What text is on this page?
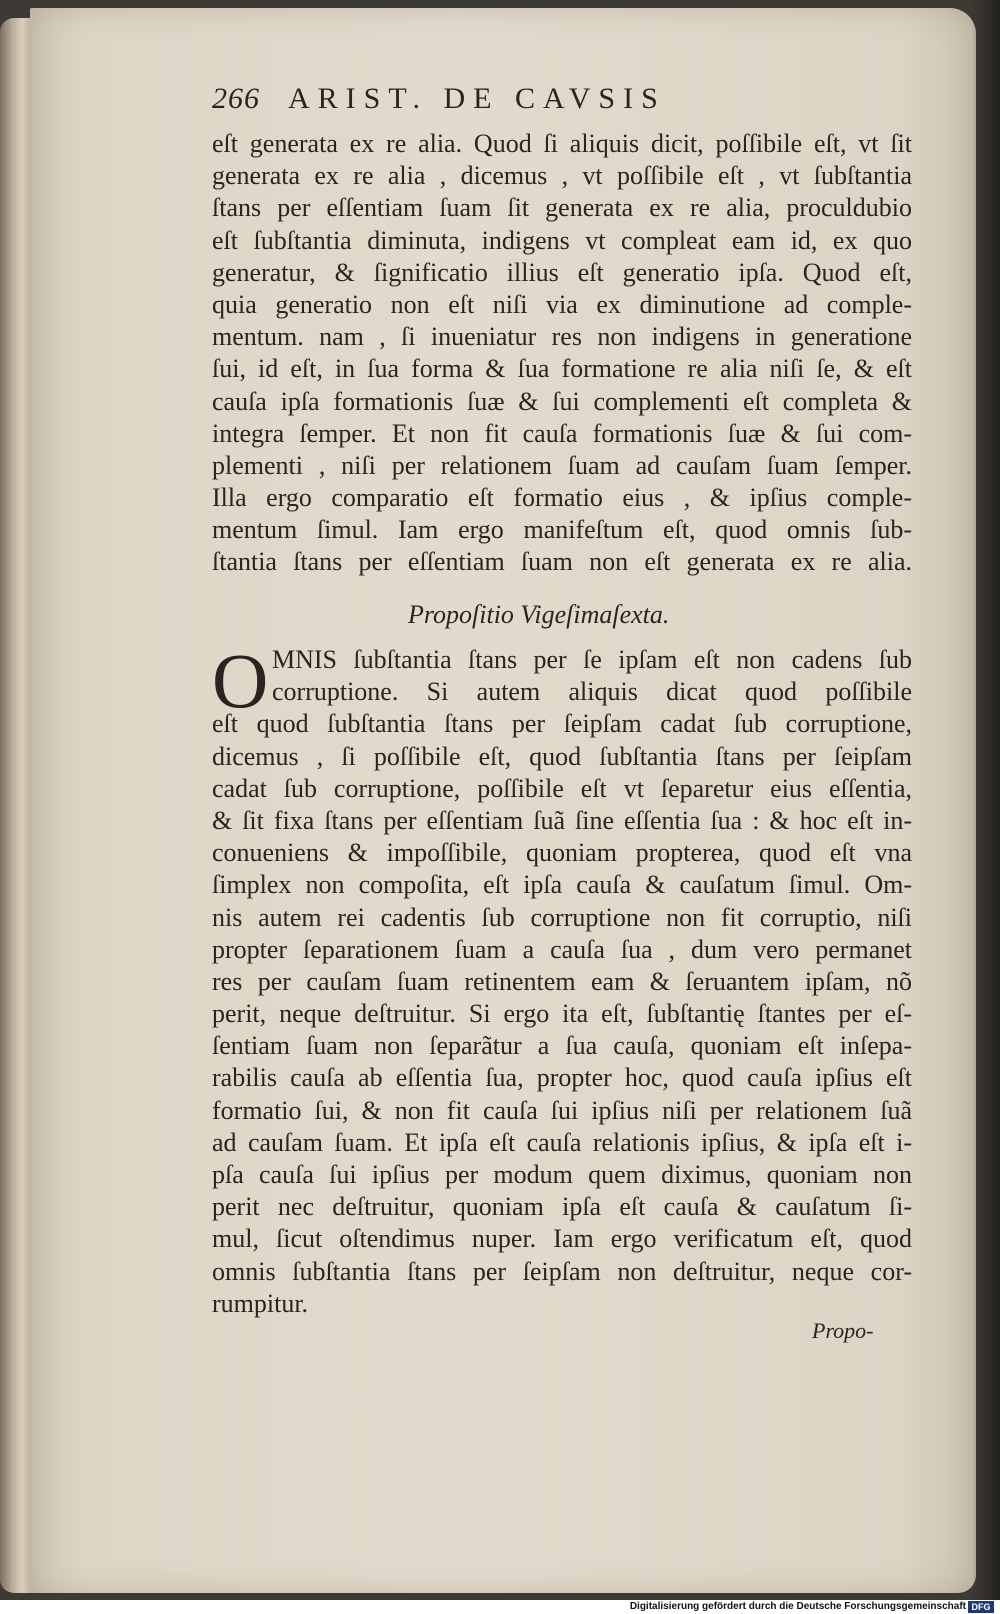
266 ARIST. DE CAVSIS
eſt generata ex re alia. Quod ſi aliquis dicit, poſſibile eſt, vt ſit
generata ex re alia , dicemus , vt poſſibile eſt , vt ſubſtantia
ſtans per eſſentiam ſuam ſit generata ex re alia, proculdubio
eſt ſubſtantia diminuta, indigens vt compleat eam id, ex quo
generatur, & ſignificatio illius eſt generatio ipſa. Quod eſt,
quia generatio non eſt niſi via ex diminutione ad comple-
mentum. nam , ſi inueniatur res non indigens in generatione
ſui, id eſt, in ſua forma & ſua formatione re alia niſi ſe, & eſt
cauſa ipſa formationis ſuæ & ſui complementi eſt completa &
integra ſemper. Et non fit cauſa formationis ſuæ & ſui com-
plementi , niſi per relationem ſuam ad cauſam ſuam ſemper.
Illa ergo comparatio eſt formatio eius , & ipſius comple-
mentum ſimul. Iam ergo manifeſtum eſt, quod omnis ſub-
ſtantia ſtans per eſſentiam ſuam non eſt generata ex re alia.
Propoſitio Vigeſimaſexta.
O MNIS ſubſtantia ſtans per ſe ipſam eſt non cadens ſub
corruptione. Si autem aliquis dicat quod poſſibile
eſt quod ſubſtantia ſtans per ſeipſam cadat ſub corruptione,
dicemus , ſi poſſibile eſt, quod ſubſtantia ſtans per ſeipſam
cadat ſub corruptione, poſſibile eſt vt ſeparetur eius eſſentia,
& ſit fixa ſtans per eſſentiam ſuã ſine eſſentia ſua : & hoc eſt in-
conueniens & impoſſibile, quoniam propterea, quod eſt vna
ſimplex non compoſita, eſt ipſa cauſa & cauſatum ſimul. Om-
nis autem rei cadentis ſub corruptione non fit corruptio, niſi
propter ſeparationem ſuam a cauſa ſua , dum vero permanet
res per cauſam ſuam retinentem eam & ſeruantem ipſam, nõ
perit, neque deſtruitur. Si ergo ita eſt, ſubſtantię ſtantes per eſ-
ſentiam ſuam non ſeparãtur a ſua cauſa, quoniam eſt inſepa-
rabilis cauſa ab eſſentia ſua, propter hoc, quod cauſa ipſius eſt
formatio ſui, & non fit cauſa ſui ipſius niſi per relationem ſuã
ad cauſam ſuam. Et ipſa eſt cauſa relationis ipſius, & ipſa eſt i-
pſa cauſa ſui ipſius per modum quem diximus, quoniam non
perit nec deſtruitur, quoniam ipſa eſt cauſa & cauſatum ſi-
mul, ſicut oſtendimus nuper. Iam ergo verificatum eſt, quod
omnis ſubſtantia ſtans per ſeipſam non deſtruitur, neque cor-
rumpitur.
Propo-
Digitalisierung gefördert durch die Deutsche Forschungsgemeinschaft DFG
